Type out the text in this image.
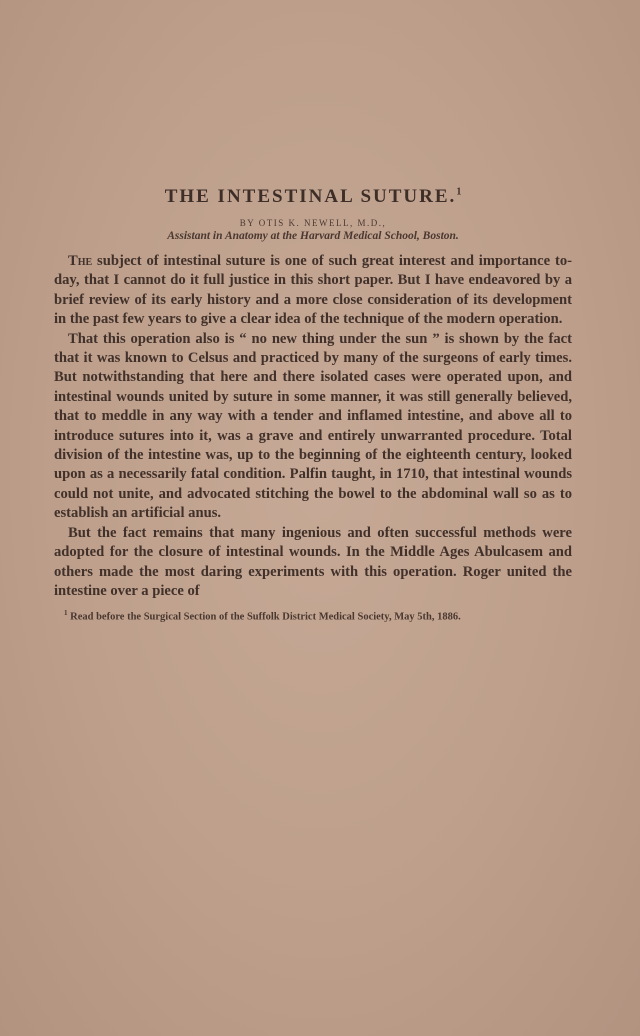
THE INTESTINAL SUTURE.$^1$

BY OTIS K. NEWELL, M.D.,

Assistant in Anatomy at the Harvard Medical School, Boston.

The subject of intestinal suture is one of such great interest and importance to-day, that I cannot do it full justice in this short paper. But I have endeavored by a brief review of its early history and a more close consideration of its development in the past few years to give a clear idea of the technique of the modern operation.

That this operation also is “ no new thing under the sun ” is shown by the fact that it was known to Celsus and practiced by many of the surgeons of early times. But notwithstanding that here and there isolated cases were operated upon, and intestinal wounds united by suture in some manner, it was still generally believed, that to meddle in any way with a tender and inflamed intestine, and above all to introduce sutures into it, was a grave and entirely unwarranted procedure. Total division of the intestine was, up to the beginning of the eighteenth century, looked upon as a necessarily fatal condition. Palfin taught, in 1710, that intestinal wounds could not unite, and advocated stitching the bowel to the abdominal wall so as to establish an artificial anus.

But the fact remains that many ingenious and often successful methods were adopted for the closure of intestinal wounds. In the Middle Ages Abulcasem and others made the most daring experiments with this operation. Roger united the intestine over a piece of

$^1$ Read before the Surgical Section of the Suffolk District Medical Society, May 5th, 1886.
